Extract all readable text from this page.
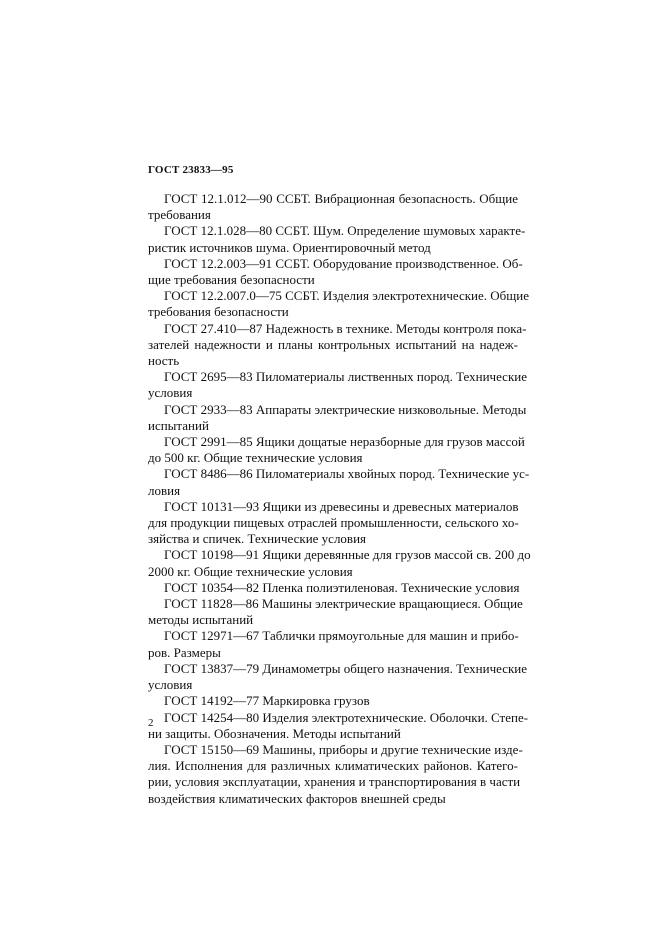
ГОСТ 23833—95
ГОСТ 12.1.012—90 ССБТ. Вибрационная безопасность. Общие
требования
ГОСТ 12.1.028—80 ССБТ. Шум. Определение шумовых характе-
ристик источников шума. Ориентировочный метод
ГОСТ 12.2.003—91 ССБТ. Оборудование производственное. Об-
щие требования безопасности
ГОСТ 12.2.007.0—75 ССБТ. Изделия электротехнические. Общие
требования безопасности
ГОСТ 27.410—87 Надежность в технике. Методы контроля пока-
зателей надежности и планы контрольных испытаний на надеж-
ность
ГОСТ 2695—83 Пиломатериалы лиственных пород. Технические
условия
ГОСТ 2933—83 Аппараты электрические низковольные. Методы
испытаний
ГОСТ 2991—85 Ящики дощатые неразборные для грузов массой
до 500 кг. Общие технические условия
ГОСТ 8486—86 Пиломатериалы хвойных пород. Технические ус-
ловия
ГОСТ 10131—93 Ящики из древесины и древесных материалов
для продукции пищевых отраслей промышленности, сельского хо-
зяйства и спичек. Технические условия
ГОСТ 10198—91 Ящики деревянные для грузов массой св. 200 до
2000 кг. Общие технические условия
ГОСТ 10354—82 Пленка полиэтиленовая. Технические условия
ГОСТ 11828—86 Машины электрические вращающиеся. Общие
методы испытаний
ГОСТ 12971—67 Таблички прямоугольные для машин и прибо-
ров. Размеры
ГОСТ 13837—79 Динамометры общего назначения. Технические
условия
ГОСТ 14192—77 Маркировка грузов
ГОСТ 14254—80 Изделия электротехнические. Оболочки. Степе-
ни защиты. Обозначения. Методы испытаний
ГОСТ 15150—69 Машины, приборы и другие технические изде-
лия. Исполнения для различных климатических районов. Катего-
рии, условия эксплуатации, хранения и транспортирования в части
воздействия климатических факторов внешней среды
2
